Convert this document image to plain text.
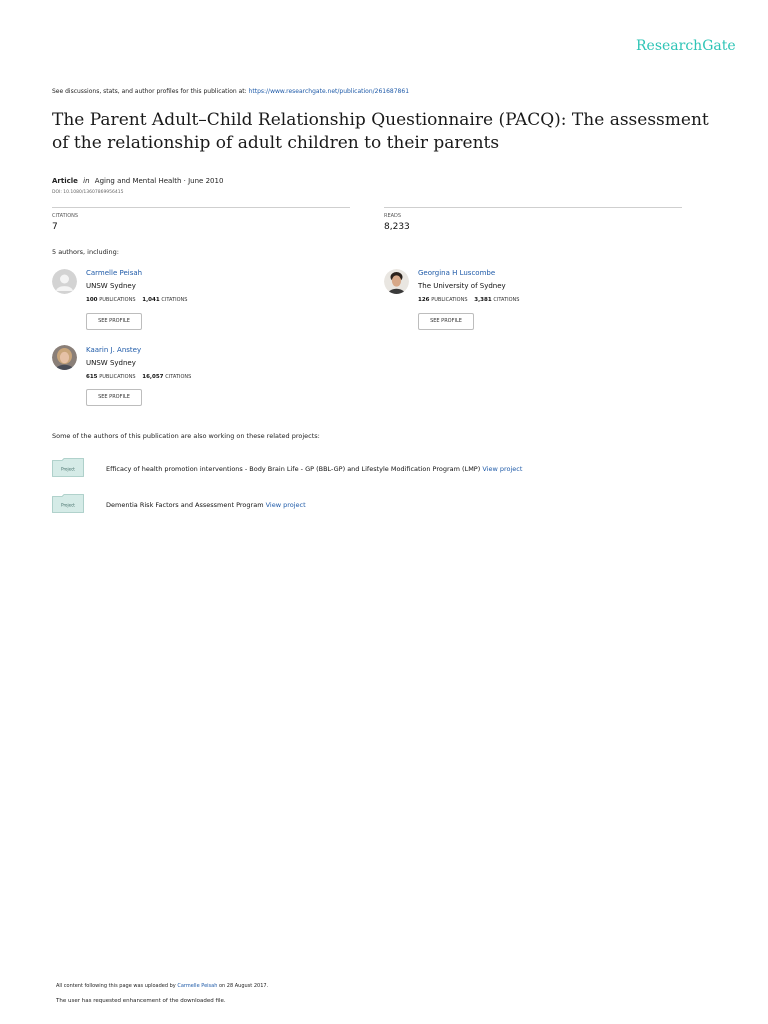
ResearchGate
See discussions, stats, and author profiles for this publication at: https://www.researchgate.net/publication/261687861
The Parent Adult–Child Relationship Questionnaire (PACQ): The assessment of the relationship of adult children to their parents
Article in Aging and Mental Health · June 2010
DOI: 10.1080/13607869956415
CITATIONS
7
READS
8,233
5 authors, including:
Carmelle Peisah
UNSW Sydney
100 PUBLICATIONS 1,041 CITATIONS
SEE PROFILE
Georgina H Luscombe
The University of Sydney
126 PUBLICATIONS 3,381 CITATIONS
SEE PROFILE
Kaarin J. Anstey
UNSW Sydney
615 PUBLICATIONS 16,057 CITATIONS
SEE PROFILE
Some of the authors of this publication are also working on these related projects:
Project	Efficacy of health promotion interventions - Body Brain Life - GP (BBL-GP) and Lifestyle Modification Program (LMP) View project
Project	Dementia Risk Factors and Assessment Program View project
All content following this page was uploaded by Carmelle Peisah on 28 August 2017.
The user has requested enhancement of the downloaded file.
